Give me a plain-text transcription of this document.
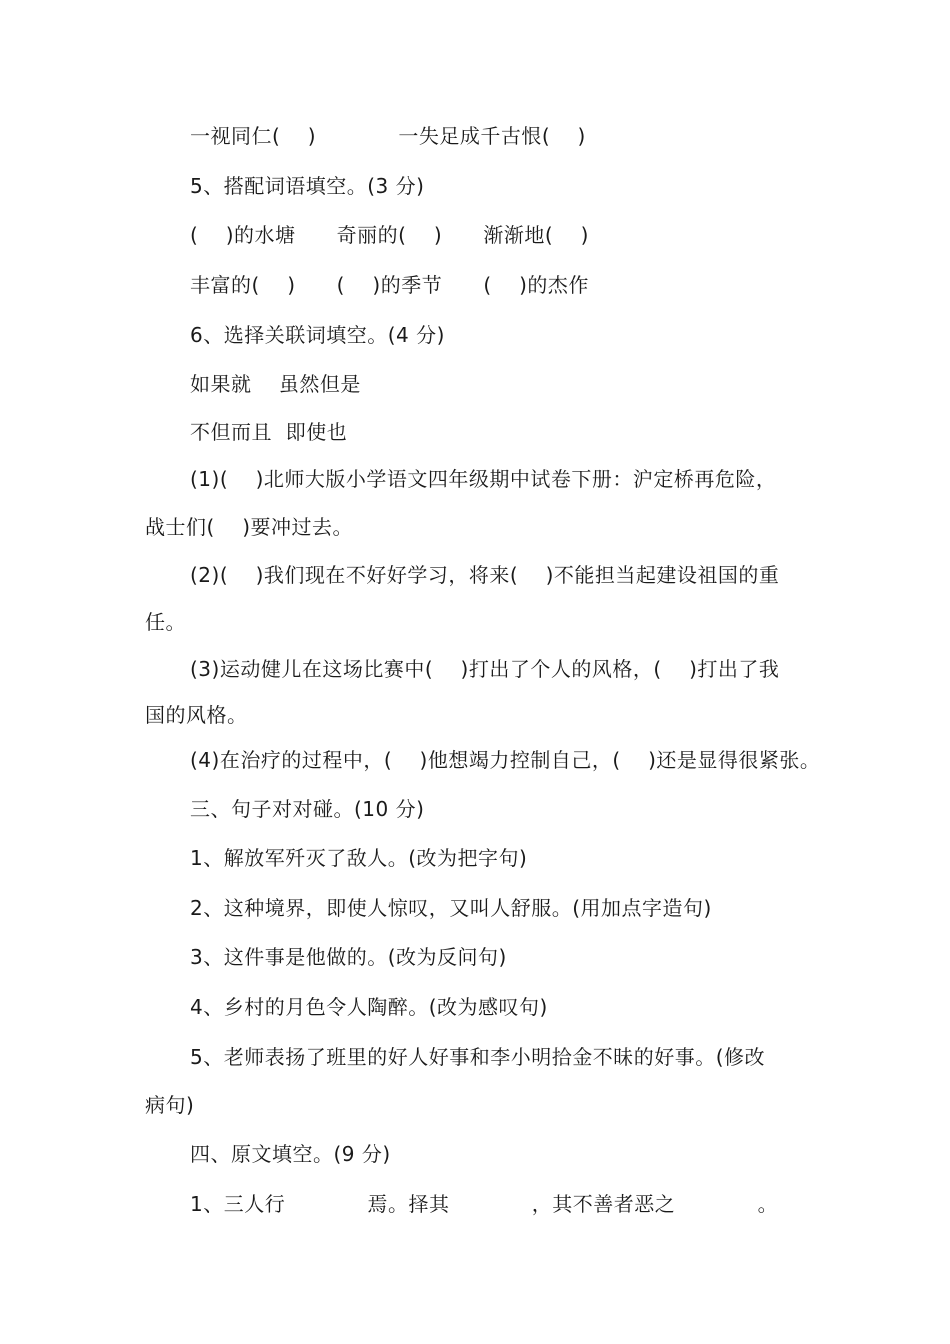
一视同仁(    )            一失足成千古恨(    )
5、搭配词语填空。(3 分)
(    )的水塘      奇丽的(    )      渐渐地(    )
丰富的(    )      (    )的季节      (    )的杰作
6、选择关联词填空。(4 分)
如果就    虽然但是
不但而且  即使也
(1)(    )北师大版小学语文四年级期中试卷下册：沪定桥再危险，
战士们(    )要冲过去。
(2)(    )我们现在不好好学习，将来(    )不能担当起建设祖国的重
任。
(3)运动健儿在这场比赛中(    )打出了个人的风格，(    )打出了我
国的风格。
(4)在治疗的过程中，(    )他想竭力控制自己，(    )还是显得很紧张。
三、句子对对碰。(10 分)
1、解放军歼灭了敌人。(改为把字句)
2、这种境界，即使人惊叹，又叫人舒服。(用加点字造句)
3、这件事是他做的。(改为反问句)
4、乡村的月色令人陶醉。(改为感叹句)
5、老师表扬了班里的好人好事和李小明拾金不昧的好事。(修改
病句)
四、原文填空。(9 分)
1、三人行            焉。择其            ，其不善者恶之            。
